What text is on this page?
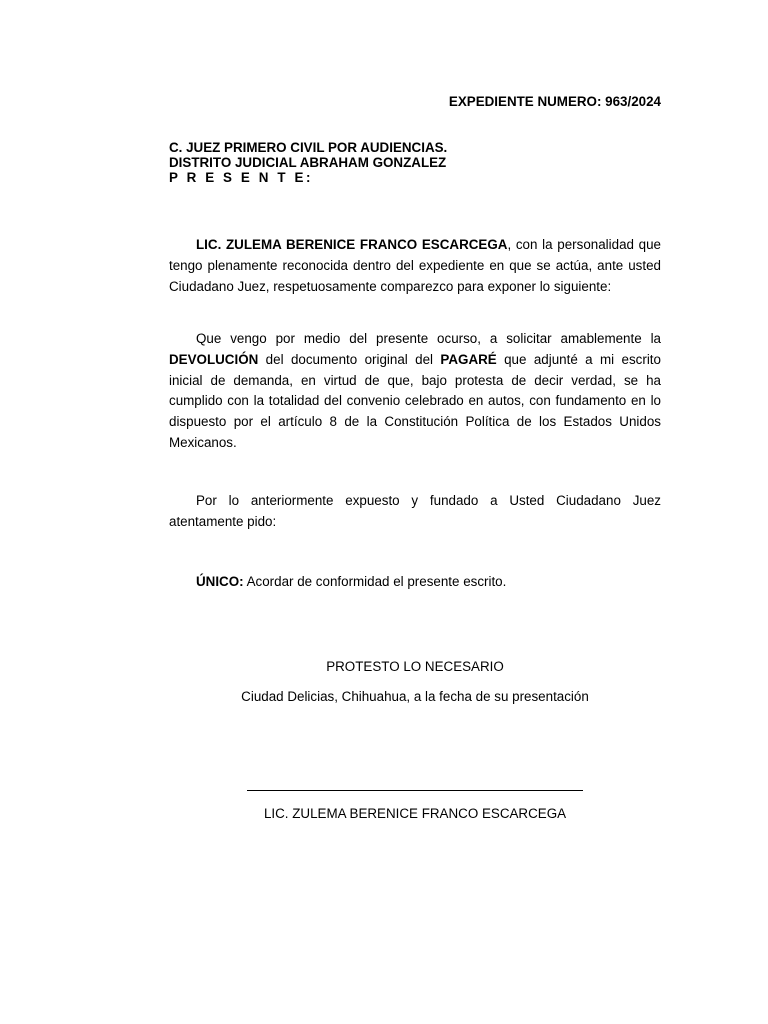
EXPEDIENTE NUMERO: 963/2024
C. JUEZ PRIMERO CIVIL POR AUDIENCIAS.
DISTRITO JUDICIAL ABRAHAM GONZALEZ
P R E S E N T E:
LIC. ZULEMA BERENICE FRANCO ESCARCEGA, con la personalidad que tengo plenamente reconocida dentro del expediente en que se actúa, ante usted Ciudadano Juez, respetuosamente comparezco para exponer lo siguiente:
Que vengo por medio del presente ocurso, a solicitar amablemente la DEVOLUCIÓN del documento original del PAGARÉ que adjunté a mi escrito inicial de demanda, en virtud de que, bajo protesta de decir verdad, se ha cumplido con la totalidad del convenio celebrado en autos, con fundamento en lo dispuesto por el artículo 8 de la Constitución Política de los Estados Unidos Mexicanos.
Por lo anteriormente expuesto y fundado a Usted Ciudadano Juez atentamente pido:
ÚNICO: Acordar de conformidad el presente escrito.
PROTESTO LO NECESARIO
Ciudad Delicias, Chihuahua, a la fecha de su presentación
LIC. ZULEMA BERENICE FRANCO ESCARCEGA
